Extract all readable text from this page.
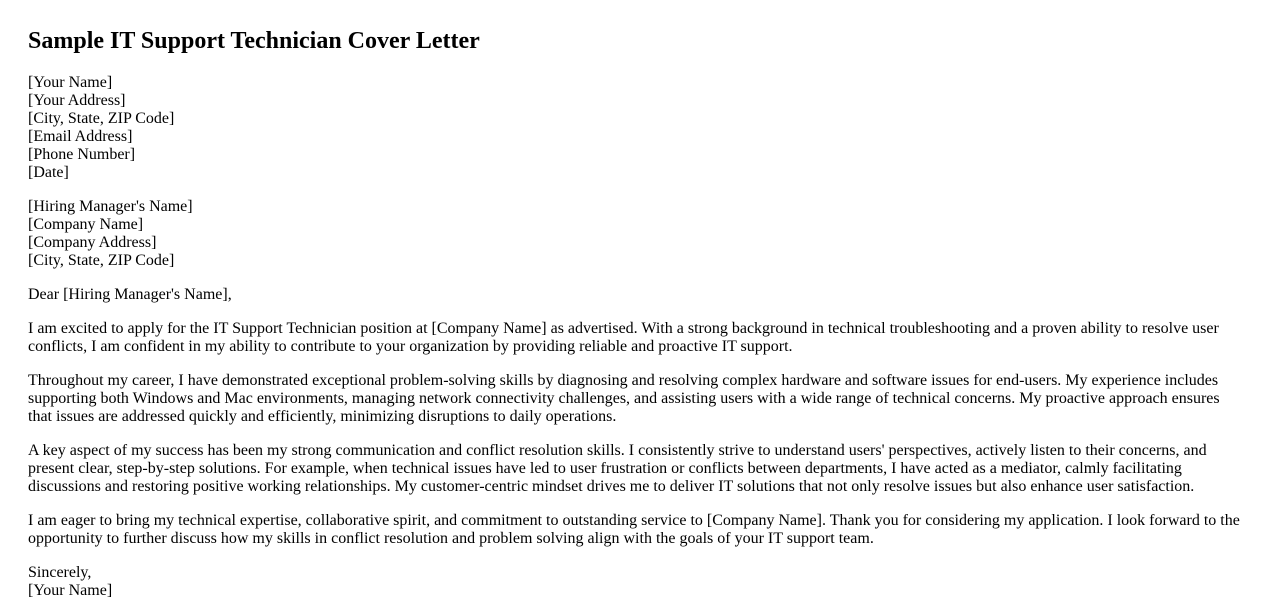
Sample IT Support Technician Cover Letter
[Your Name]
[Your Address]
[City, State, ZIP Code]
[Email Address]
[Phone Number]
[Date]
[Hiring Manager's Name]
[Company Name]
[Company Address]
[City, State, ZIP Code]

Dear [Hiring Manager's Name],

I am excited to apply for the IT Support Technician position at [Company Name] as advertised. With a strong background in technical troubleshooting and a proven ability to resolve user conflicts, I am confident in my ability to contribute to your organization by providing reliable and proactive IT support.

Throughout my career, I have demonstrated exceptional problem-solving skills by diagnosing and resolving complex hardware and software issues for end-users. My experience includes supporting both Windows and Mac environments, managing network connectivity challenges, and assisting users with a wide range of technical concerns. My proactive approach ensures that issues are addressed quickly and efficiently, minimizing disruptions to daily operations.

A key aspect of my success has been my strong communication and conflict resolution skills. I consistently strive to understand users' perspectives, actively listen to their concerns, and present clear, step-by-step solutions. For example, when technical issues have led to user frustration or conflicts between departments, I have acted as a mediator, calmly facilitating discussions and restoring positive working relationships. My customer-centric mindset drives me to deliver IT solutions that not only resolve issues but also enhance user satisfaction.

I am eager to bring my technical expertise, collaborative spirit, and commitment to outstanding service to [Company Name]. Thank you for considering my application. I look forward to the opportunity to further discuss how my skills in conflict resolution and problem solving align with the goals of your IT support team.

Sincerely,
[Your Name]
